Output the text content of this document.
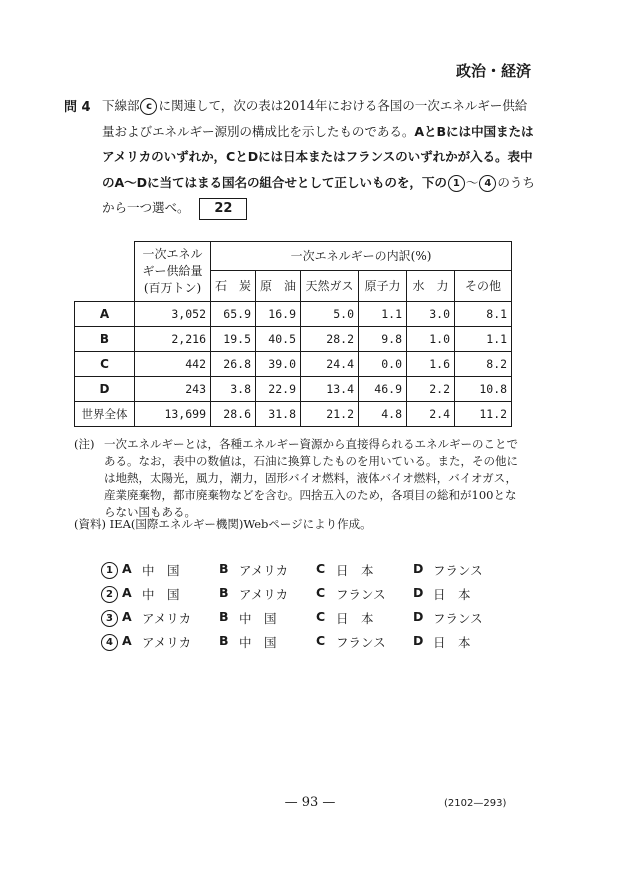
政治・経済
問 4 下線部 c に関連して，次の表は2014年における各国の一次エネルギー供給
量およびエネルギー源別の構成比を示したものである。AとBには中国またはアメリカのいずれか，CとDには日本またはフランスのいずれかが入る。表中のA～Dに当てはまる国名の組合せとして正しいものを，下の 1 ～ 4 のうちから一つ選べ。 22
	一次エネルギー供給量(百万トン)	一次エネルギーの内訳(%)					
		石　炭	原　油	天然ガス	原子力	水　力	その他
A	3,052	65.9	16.9	5.0	1.1	3.0	8.1
B	2,216	19.5	40.5	28.2	9.8	1.0	1.1
C	442	26.8	39.0	24.4	0.0	1.6	8.2
D	243	3.8	22.9	13.4	46.9	2.2	10.8
世界全体	13,699	28.6	31.8	21.2	4.8	2.4	11.2
(注) 一次エネルギーとは，各種エネルギー資源から直接得られるエネルギーのことである。なお，表中の数値は，石油に換算したものを用いている。また，その他には地熱，太陽光，風力，潮力，固形バイオ燃料，液体バイオ燃料，バイオガス，産業廃棄物，都市廃棄物などを含む。四捨五入のため，各項目の総和が100とならない国もある。
(資料) IEA(国際エネルギー機関)Webページにより作成。
1 A 中　国	B アメリカ C 日　本	D フランス
2 A 中　国	B アメリカ C フランス D 日　本
3 A アメリカ B 中　国	C 日　本	D フランス
4 A アメリカ B 中　国	C フランス D 日　本
— 93 —	(2102—293)
